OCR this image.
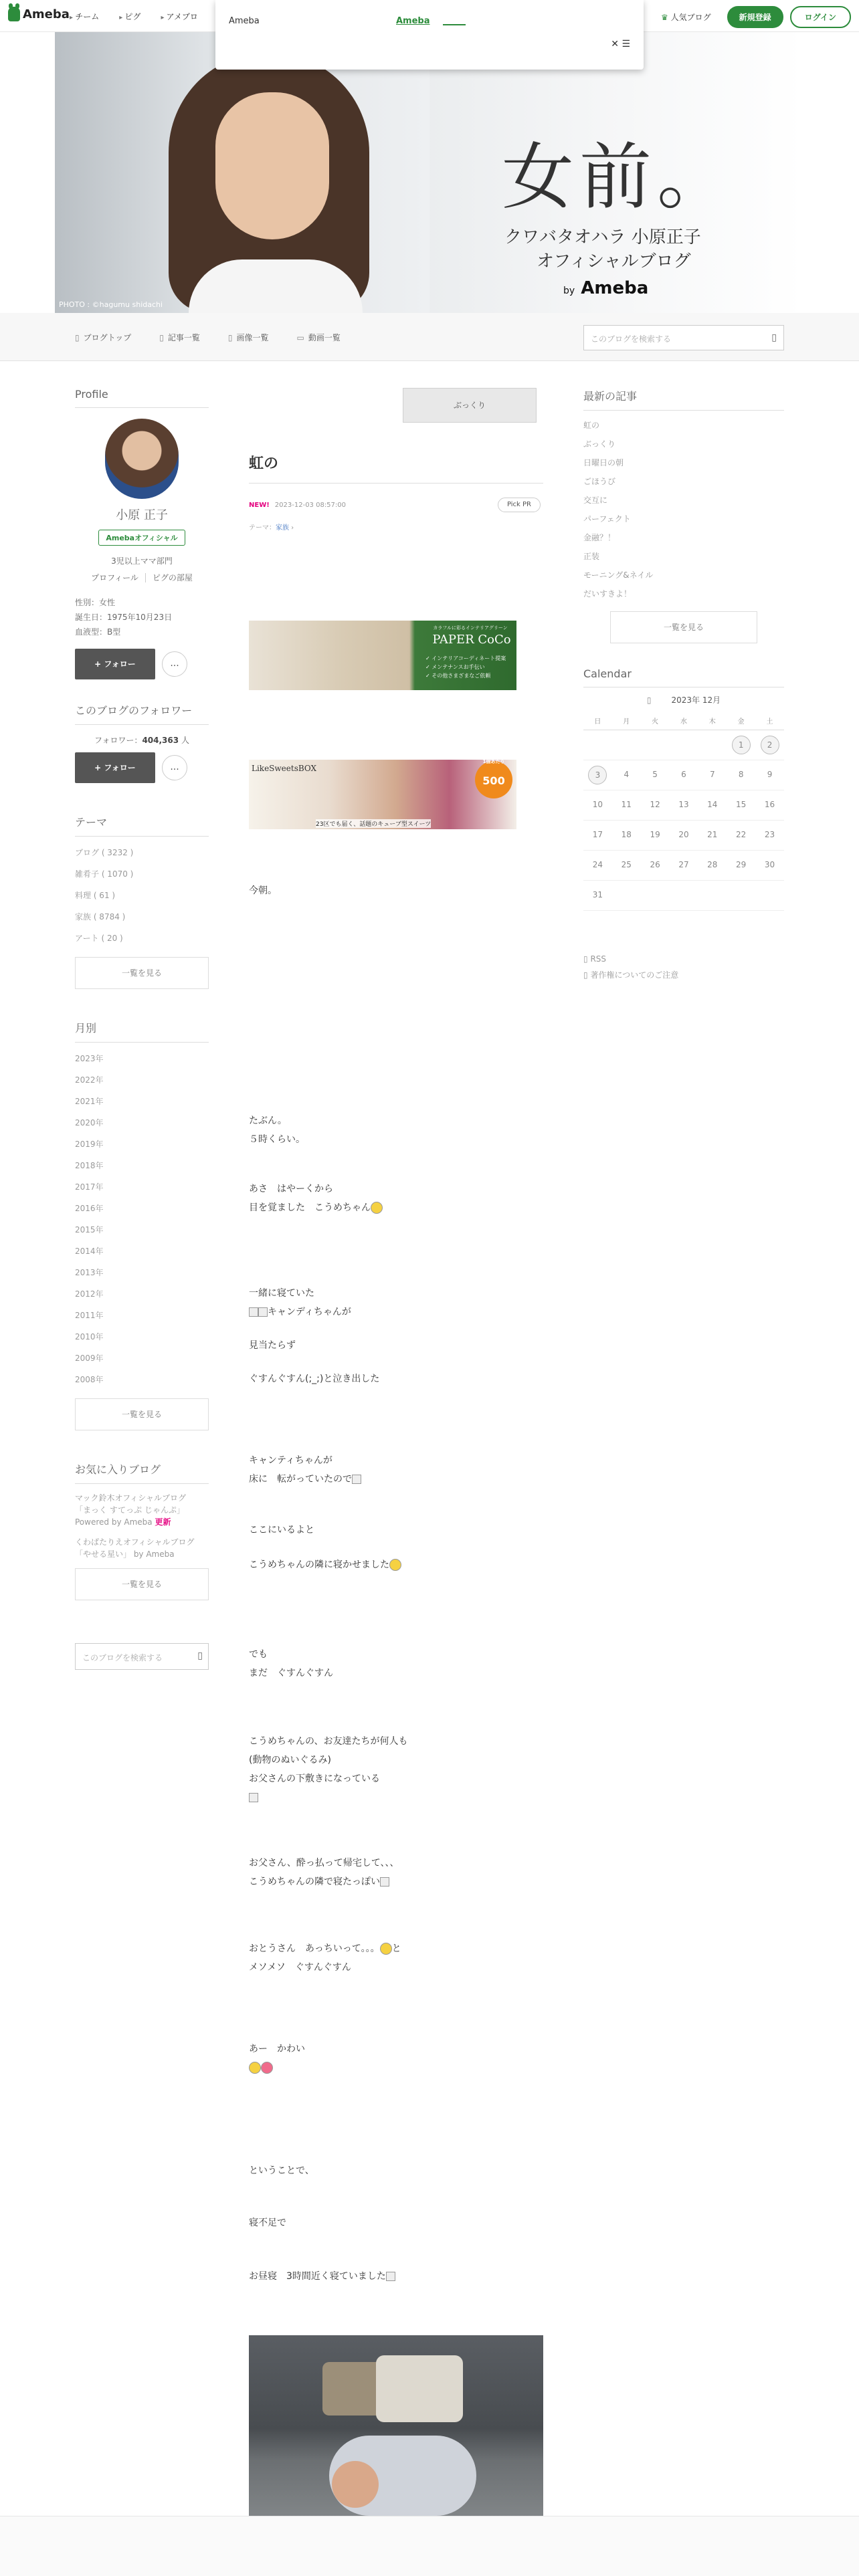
Ameba ▸ チーム	▸ ピグ	▸ アメブロ	♛ 人気ブログ	新規登録	ログイン
PHOTO : ©hagumu shidachi
女前。
クワバタオハラ 小原正子
オフィシャルブログ
by Ameba
Ameba	Ameba
✕ ☰
▯ ブログトップ	▯ 記事一覧	▯ 画像一覧	▭ 動画一覧	このブログを検索する	▯
Profile
小原 正子
Amebaオフィシャル
3児以上ママ部門
プロフィール ピグの部屋
性別：女性
誕生日：1975年10月23日
血液型：B型
+ フォロー	...
このブログのフォロワー
フォロワー：404,363 人
+ フォロー	...
テーマ
ブログ ( 3232 )
雑肴子 ( 1070 )
料理 ( 61 )
家族 ( 8784 )
アート ( 20 )
一覧を見る
月別
2023年
2022年
2021年
2020年
2019年
2018年
2017年
2016年
2015年
2014年
2013年
2012年
2011年
2010年
2009年
2008年
一覧を見る
お気に入りブログ
マック鈴木オフィシャルブログ
「まっく すてっぷ じゃんぷ」
Powered by Ameba 更新
くわばたりえオフィシャルブログ
「やせる星い」 by Ameba
一覧を見る
このブログを検索する	▯
ぶっくり
虹の
NEW! 2023-12-03 08:57:00	Pick PR
テーマ：家族 ›
カラフルに彩るインテリアグリーン
PAPER CoCo
✓ インテリアコーディネート提案
✓ メンテナンスお手伝い
✓ その他さまざまなご依頼
LikeSweetsBOX
1個あたり
500
23区でも届く、話題のキューブ型スイーツ
今朝。
たぶん。
５時くらい。
あさ　はやーくから
目を覚ました　こうめちゃん
一緒に寝ていた
キャンディちゃんが
見当たらず
ぐすんぐすん(;_;)と泣き出した
キャンティちゃんが
床に　転がっていたので
ここにいるよと
こうめちゃんの隣に寝かせました
でも
まだ　ぐすんぐすん
こうめちゃんの、お友達たちが何人も
(動物のぬいぐるみ)
お父さんの下敷きになっている
お父さん、酔っ払って帰宅して、、、
こうめちゃんの隣で寝たっぽい
おとうさん　あっちいって。。。 と
メソメソ　ぐすんぐすん
あー　かわい
ということで、
寝不足で
お昼寝　3時間近く寝ていました
最新の記事
虹の
ぶっくり
日曜日の朝
ごほうび
交互に
パーフェクト
金融？！
正装
モーニング&ネイル
だいすきよ！
一覧を見る
Calendar
▯	2023年 12月
日	月	火	水	木	金	土
					1	2
3	4	5	6	7	8	9
10	11	12	13	14	15	16
17	18	19	20	21	22	23
24	25	26	27	28	29	30
31						
▯ RSS
▯ 著作権についてのご注意
